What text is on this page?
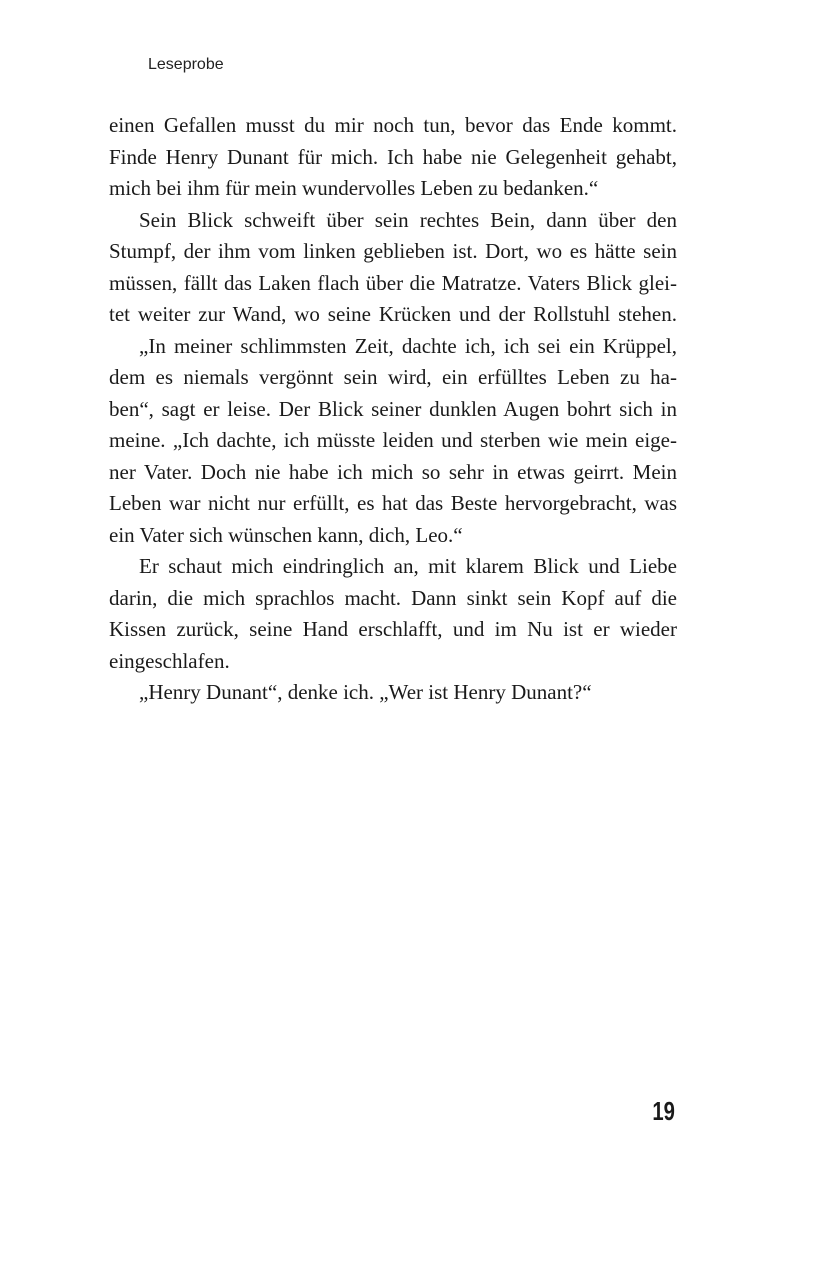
Leseprobe

einen Gefallen musst du mir noch tun, bevor das Ende kommt.
Finde Henry Dunant für mich. Ich habe nie Gelegenheit gehabt,
mich bei ihm für mein wundervolles Leben zu bedanken.“
Sein Blick schweift über sein rechtes Bein, dann über den
Stumpf, der ihm vom linken geblieben ist. Dort, wo es hätte sein
müssen, fällt das Laken flach über die Matratze. Vaters Blick glei-
tet weiter zur Wand, wo seine Krücken und der Rollstuhl stehen.
„In meiner schlimmsten Zeit, dachte ich, ich sei ein Krüppel,
dem es niemals vergönnt sein wird, ein erfülltes Leben zu ha-
ben“, sagt er leise. Der Blick seiner dunklen Augen bohrt sich in
meine. „Ich dachte, ich müsste leiden und sterben wie mein eige-
ner Vater. Doch nie habe ich mich so sehr in etwas geirrt. Mein
Leben war nicht nur erfüllt, es hat das Beste hervorgebracht, was
ein Vater sich wünschen kann, dich, Leo.“
Er schaut mich eindringlich an, mit klarem Blick und Liebe
darin, die mich sprachlos macht. Dann sinkt sein Kopf auf die
Kissen zurück, seine Hand erschlafft, und im Nu ist er wieder
eingeschlafen.
„Henry Dunant“, denke ich. „Wer ist Henry Dunant?“

19
